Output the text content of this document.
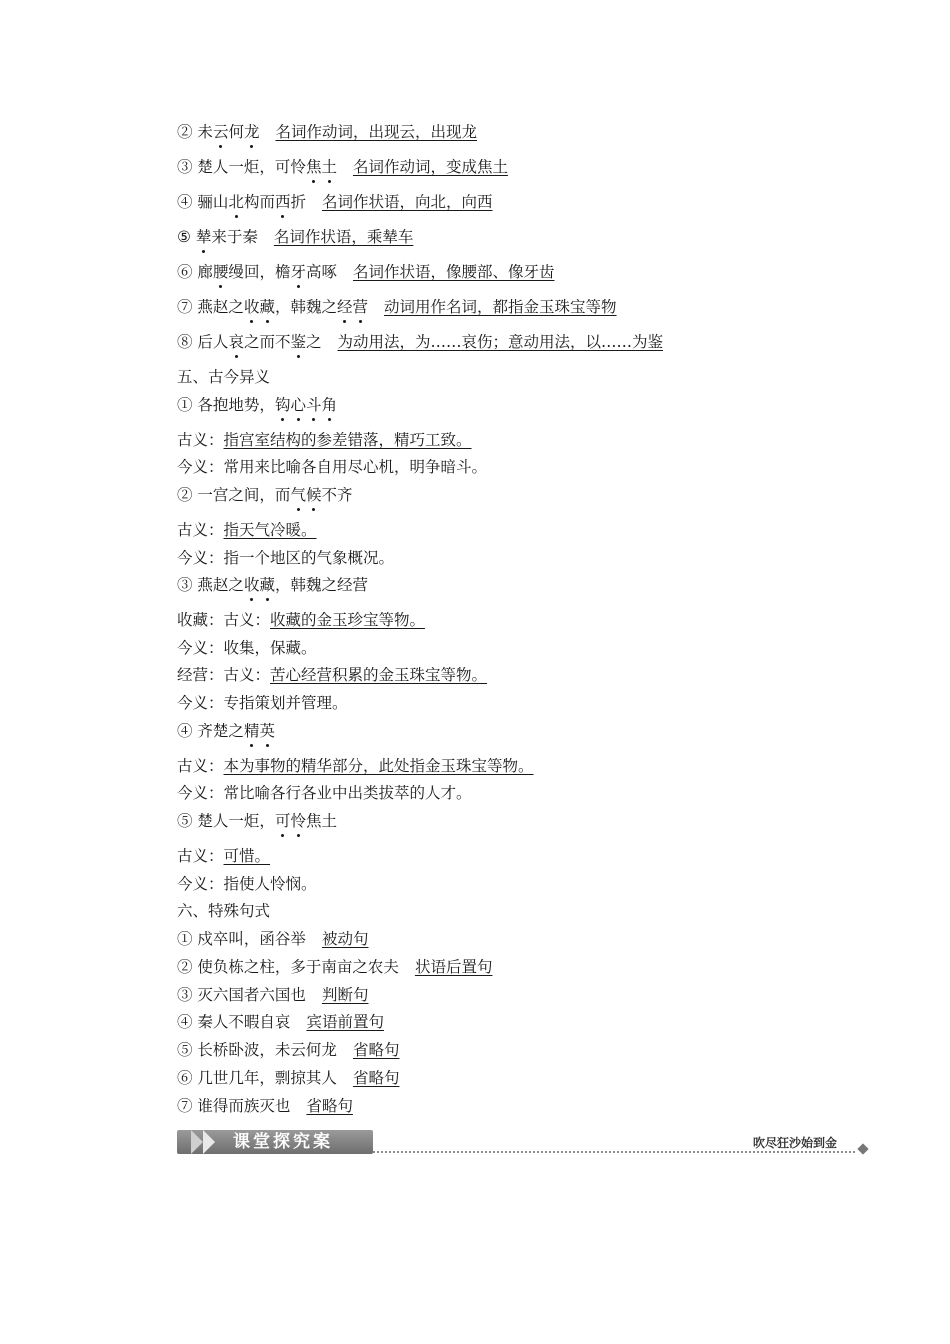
② 未云何龙 名词作动词，出现云，出现龙
③ 楚人一炬，可怜焦土 名词作动词，变成焦土
④ 骊山北构而西折 名词作状语，向北，向西
⑤ 辇来于秦 名词作状语，乘辇车
⑥ 廊腰缦回，檐牙高啄 名词作状语，像腰部、像牙齿
⑦ 燕赵之收藏，韩魏之经营 动词用作名词，都指金玉珠宝等物
⑧ 后人哀之而不鉴之 为动用法，为……哀伤；意动用法，以……为鉴
五、古今异义
① 各抱地势，钩心斗角
古义：指宫室结构的参差错落，精巧工致。
今义：常用来比喻各自用尽心机，明争暗斗。
② 一宫之间，而气候不齐
古义：指天气冷暖。
今义：指一个地区的气象概况。
③ 燕赵之收藏，韩魏之经营
收藏：古义：收藏的金玉珍宝等物。
今义：收集，保藏。
经营：古义：苦心经营积累的金玉珠宝等物。
今义：专指策划并管理。
④ 齐楚之精英
古义：本为事物的精华部分，此处指金玉珠宝等物。
今义：常比喻各行各业中出类拔萃的人才。
⑤ 楚人一炬，可怜焦土
古义：可惜。
今义：指使人怜悯。
六、特殊句式
① 戍卒叫，函谷举 被动句
② 使负栋之柱，多于南亩之农夫 状语后置句
③ 灭六国者六国也 判断句
④ 秦人不暇自哀 宾语前置句
⑤ 长桥卧波，未云何龙 省略句
⑥ 几世几年，剽掠其人 省略句
⑦ 谁得而族灭也 省略句
课堂探究案	吹尽狂沙始到金
